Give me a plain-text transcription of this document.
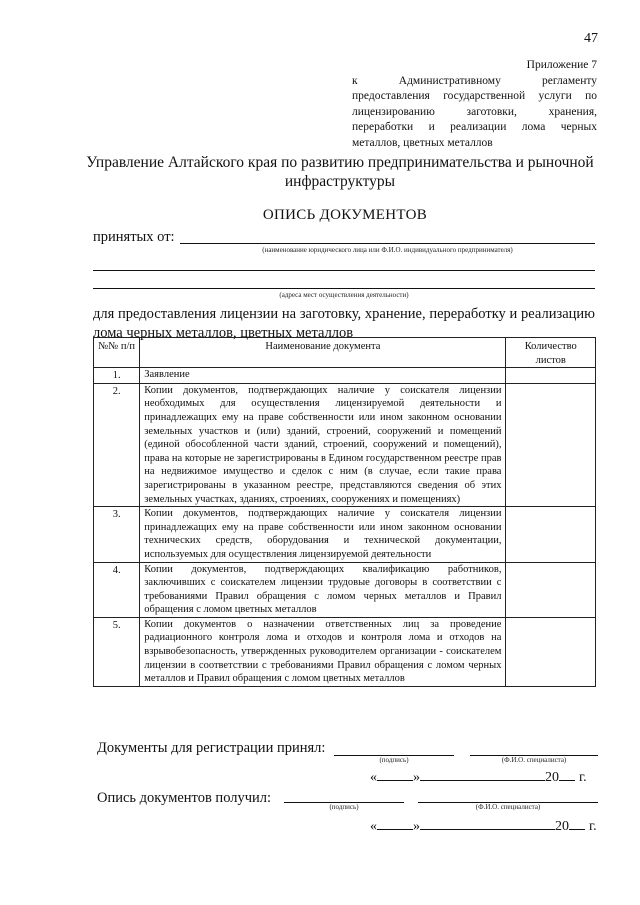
47
Приложение 7
к Административному регламенту предоставления государственной услуги по лицензированию заготовки, хранения, переработки и реализации лома черных металлов, цветных металлов
Управление Алтайского края по развитию предпринимательства и рыночной инфраструктуры
ОПИСЬ ДОКУМЕНТОВ
принятых от:
(наименование юридического лица или Ф.И.О. индивидуального предпринимателя)
(адреса мест осуществления деятельности)
для предоставления лицензии на заготовку, хранение, переработку и реализацию лома черных металлов, цветных металлов
№№ п/п	Наименование документа	Количество листов
1.	Заявление	
2.	Копии документов, подтверждающих наличие у соискателя лицензии необходимых для осуществления лицензируемой деятельности и принадлежащих ему на праве собственности или ином законном основании земельных участков и (или) зданий, строений, сооружений и помещений (единой обособленной части зданий, строений, сооружений и помещений), права на которые не зарегистрированы в Едином государственном реестре прав на недвижимое имущество и сделок с ним (в случае, если такие права зарегистрированы в указанном реестре, представляются сведения об этих земельных участках, зданиях, строениях, сооружениях и помещениях)	
3.	Копии документов, подтверждающих наличие у соискателя лицензии принадлежащих ему на праве собственности или ином законном основании технических средств, оборудования и технической документации, используемых для осуществления лицензируемой деятельности	
4.	Копии документов, подтверждающих квалификацию работников, заключивших с соискателем лицензии трудовые договоры в соответствии с требованиями Правил обращения с ломом черных металлов и Правил обращения с ломом цветных металлов	
5.	Копии документов о назначении ответственных лиц за проведение радиационного контроля лома и отходов и контроля лома и отходов на взрывобезопасность, утвержденных руководителем организации - соискателем лицензии в соответствии с требованиями Правил обращения с ломом черных металлов и Правил обращения с ломом цветных металлов	
Документы для регистрации принял:
(подпись)	(Ф.И.О. специалиста)
«	»	20 г.
Опись документов получил:
(подпись)	(Ф.И.О. специалиста)
«	»	20 г.
